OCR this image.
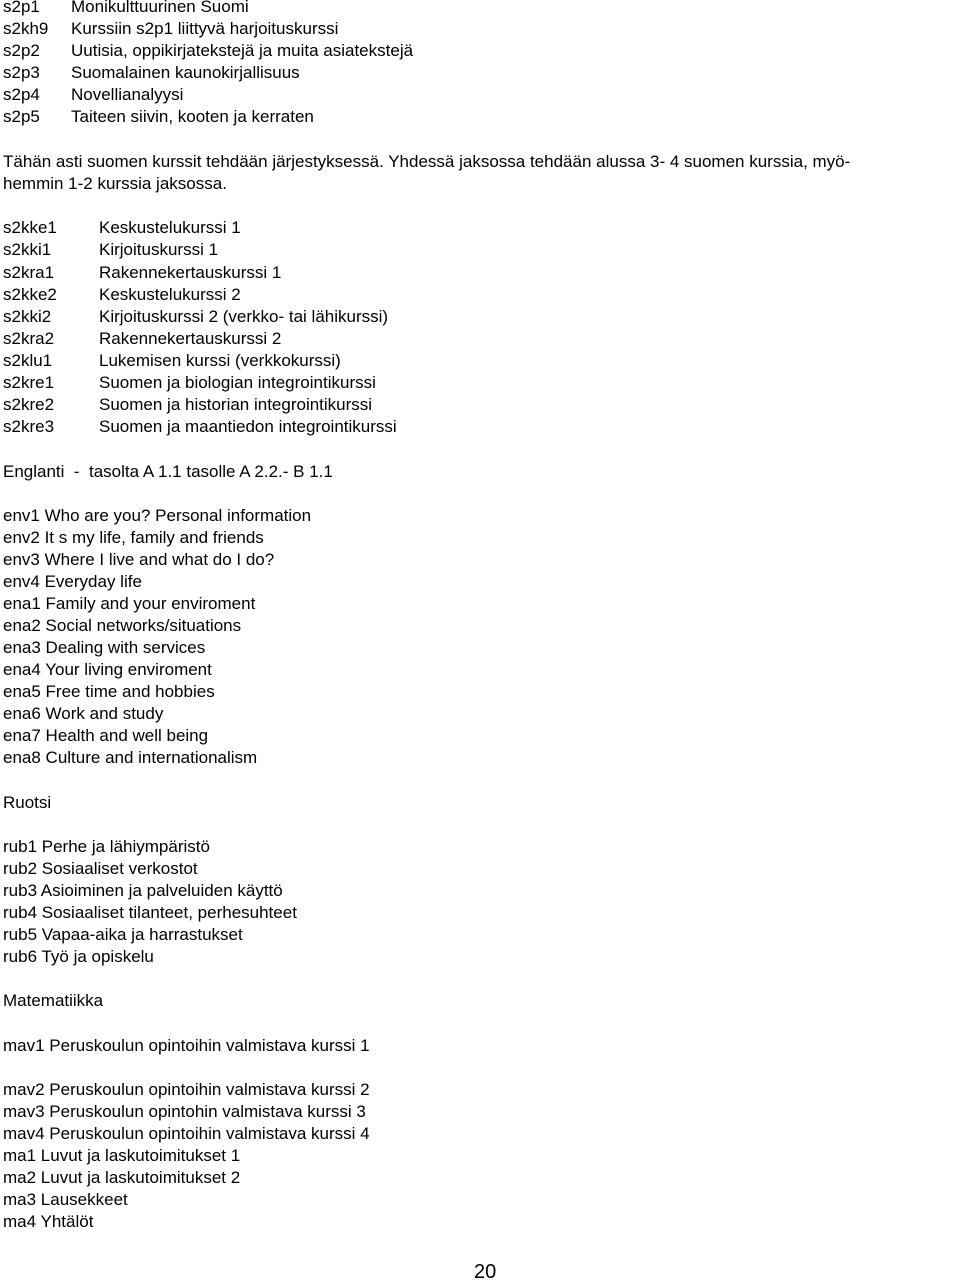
s2p1 Monikulttuurinen Suomi
s2kh9 Kurssiin s2p1 liittyvä harjoituskurssi
s2p2 Uutisia, oppikirjatekstejä ja muita asiatekstejä
s2p3 Suomalainen kaunokirjallisuus
s2p4 Novellianalyysi
s2p5 Taiteen siivin, kooten ja kerraten
Tähän asti suomen kurssit tehdään järjestyksessä. Yhdessä jaksossa tehdään alussa 3- 4 suomen kurssia, myö-
hemmin 1-2 kurssia jaksossa.
s2kke1 Keskustelukurssi 1
s2kki1	Kirjoituskurssi 1
s2kra1	Rakennekertauskurssi 1
s2kke2 Keskustelukurssi 2
s2kki2	Kirjoituskurssi 2 (verkko- tai lähikurssi)
s2kra2	Rakennekertauskurssi 2
s2klu1	Lukemisen kurssi (verkkokurssi)
s2kre1	Suomen ja biologian integrointikurssi
s2kre2	Suomen ja historian integrointikurssi
s2kre3	Suomen ja maantiedon integrointikurssi
Englanti  -  tasolta A 1.1 tasolle A 2.2.- B 1.1
env1 Who are you? Personal information
env2 It s my life, family and friends
env3 Where I live and what do I do?
env4 Everyday life
ena1 Family and your enviroment
ena2 Social networks/situations
ena3 Dealing with services
ena4 Your living enviroment
ena5 Free time and hobbies
ena6 Work and study
ena7 Health and well being
ena8 Culture and internationalism
Ruotsi
rub1 Perhe ja lähiympäristö
rub2 Sosiaaliset verkostot
rub3 Asioiminen ja palveluiden käyttö
rub4 Sosiaaliset tilanteet, perhesuhteet
rub5 Vapaa-aika ja harrastukset
rub6 Työ ja opiskelu
Matematiikka
mav1 Peruskoulun opintoihin valmistava kurssi 1
mav2 Peruskoulun opintoihin valmistava kurssi 2
mav3 Peruskoulun opintohin valmistava kurssi 3
mav4 Peruskoulun opintoihin valmistava kurssi 4
ma1 Luvut ja laskutoimitukset 1
ma2 Luvut ja laskutoimitukset 2
ma3 Lausekkeet
ma4 Yhtälöt
20
